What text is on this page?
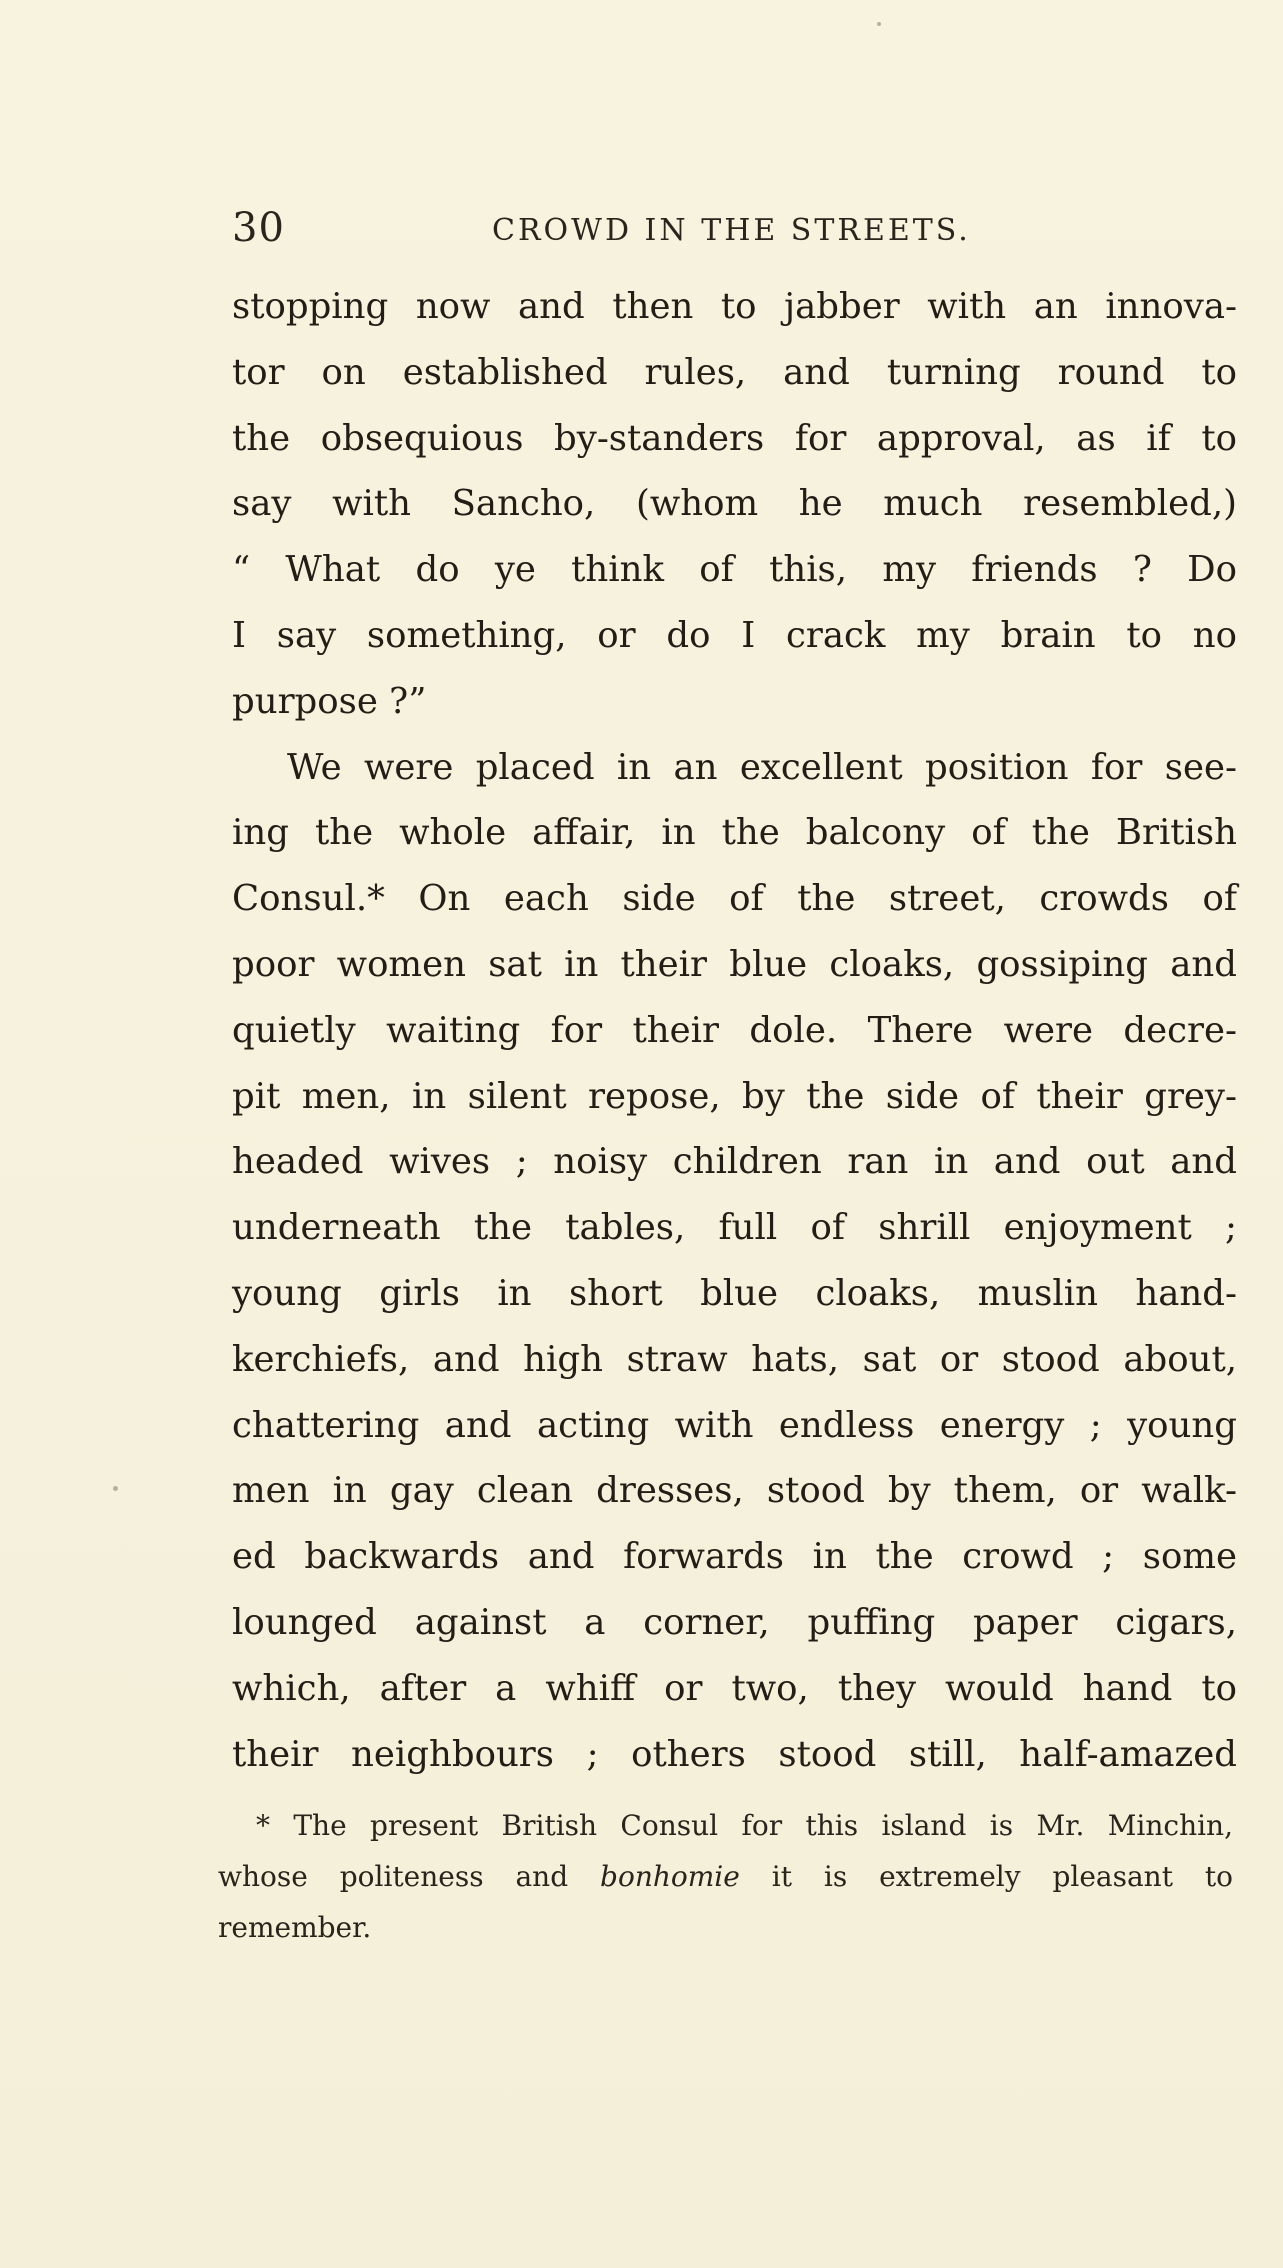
30	CROWD IN THE STREETS.
stopping now and then to jabber with an innova-
tor on established rules, and turning round to
the obsequious by-standers for approval, as if to
say with Sancho, (whom he much resembled,)
“ What do ye think of this, my friends ? Do
I say something, or do I crack my brain to no
purpose ?”
We were placed in an excellent position for see-
ing the whole affair, in the balcony of the British
Consul.* On each side of the street, crowds of
poor women sat in their blue cloaks, gossiping and
quietly waiting for their dole. There were decre-
pit men, in silent repose, by the side of their grey-
headed wives ; noisy children ran in and out and
underneath the tables, full of shrill enjoyment ;
young girls in short blue cloaks, muslin hand-
kerchiefs, and high straw hats, sat or stood about,
chattering and acting with endless energy ; young
men in gay clean dresses, stood by them, or walk-
ed backwards and forwards in the crowd ; some
lounged against a corner, puffing paper cigars,
which, after a whiff or two, they would hand to
their neighbours ; others stood still, half-amazed
* The present British Consul for this island is Mr. Minchin,
whose politeness and bonhomie it is extremely pleasant to
remember.
